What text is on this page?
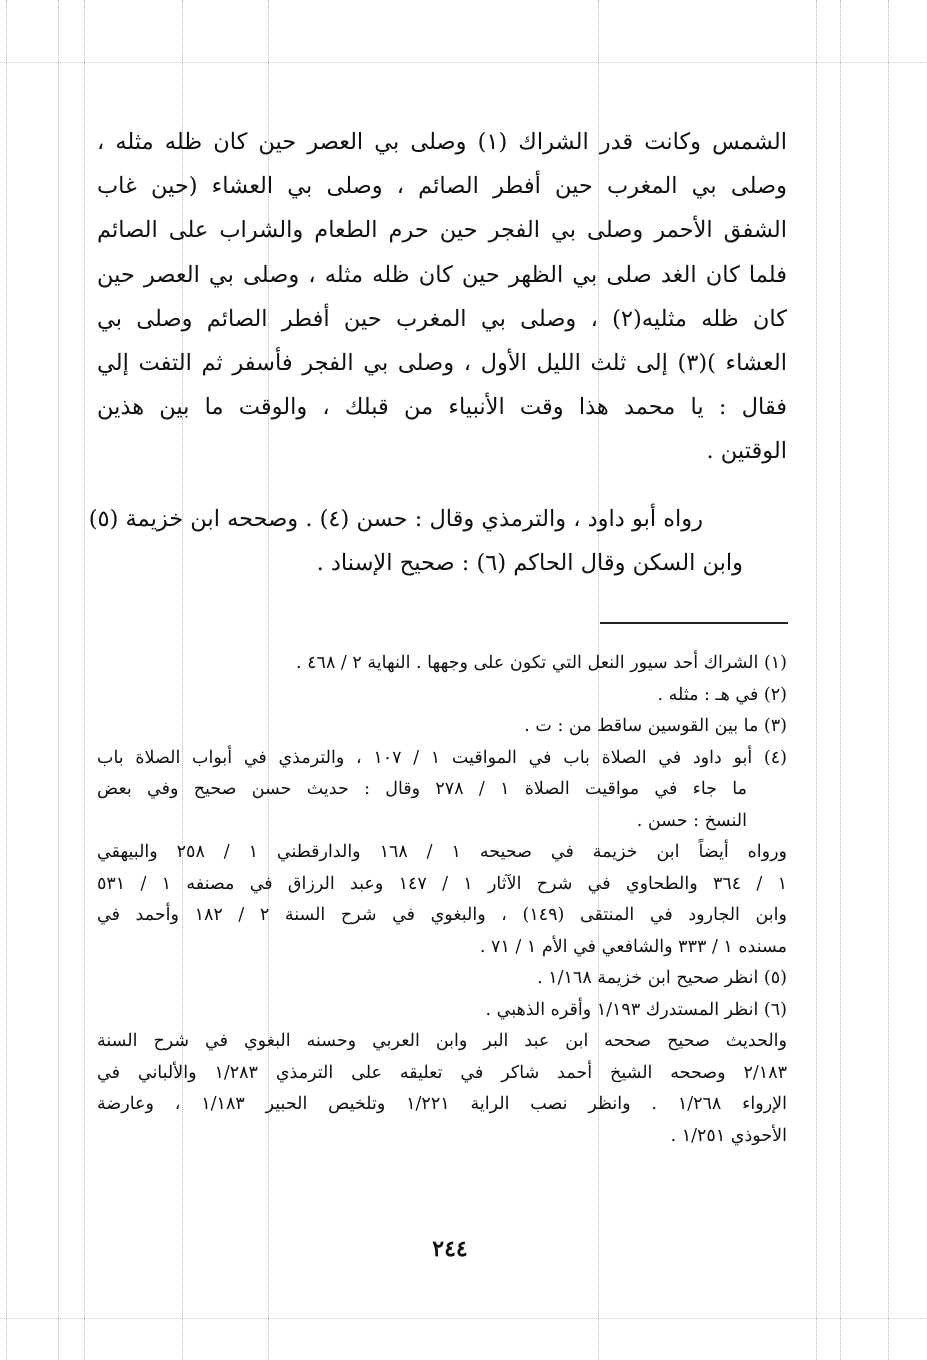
الشمس وكانت قدر الشراك (١) وصلى بي العصر حين كان ظله مثله ،
وصلى بي المغرب حين أفطر الصائم ، وصلى بي العشاء (حين غاب
الشفق الأحمر وصلى بي الفجر حين حرم الطعام والشراب على الصائم
فلما كان الغد صلى بي الظهر حين كان ظله مثله ، وصلى بي العصر حين
كان ظله مثليه(٢) ، وصلى بي المغرب حين أفطر الصائم وصلى بي
العشاء )(٣) إلى ثلث الليل الأول ، وصلى بي الفجر فأسفر ثم التفت إلي
فقال : يا محمد هذا وقت الأنبياء من قبلك ، والوقت ما بين هذين
الوقتين .
رواه أبو داود ، والترمذي وقال : حسن (٤) . وصححه ابن خزيمة (٥)
وابن السكن وقال الحاكم (٦) : صحيح الإسناد .
(١) الشراك أحد سيور النعل التي تكون على وجهها . النهاية ٢ / ٤٦٨ .
(٢) في هـ : مثله .
(٣) ما بين القوسين ساقط من : ت .
(٤) أبو داود في الصلاة باب في المواقيت ١ / ١٠٧ ، والترمذي في أبواب الصلاة باب
ما جاء في مواقيت الصلاة ١ / ٢٧٨ وقال : حديث حسن صحيح وفي بعض
النسخ : حسن .
ورواه أيضاً ابن خزيمة في صحيحه ١ / ١٦٨ والدارقطني ١ / ٢٥٨ والبيهقي
١ / ٣٦٤ والطحاوي في شرح الآثار ١ / ١٤٧ وعبد الرزاق في مصنفه ١ / ٥٣١
وابن الجارود في المنتقى (١٤٩) ، والبغوي في شرح السنة ٢ / ١٨٢ وأحمد في
مسنده ١ / ٣٣٣ والشافعي في الأم ١ / ٧١ .
(٥) انظر صحيح ابن خزيمة ١/١٦٨ .
(٦) انظر المستدرك ١/١٩٣ وأقره الذهبي .
والحديث صحيح صححه ابن عبد البر وابن العربي وحسنه البغوي في شرح السنة
٢/١٨٣ وصححه الشيخ أحمد شاكر في تعليقه على الترمذي ١/٢٨٣ والألباني في
الإرواء ١/٢٦٨ . وانظر نصب الراية ١/٢٢١ وتلخيص الحبير ١/١٨٣ ، وعارضة
الأحوذي ١/٢٥١ .
٢٤٤
